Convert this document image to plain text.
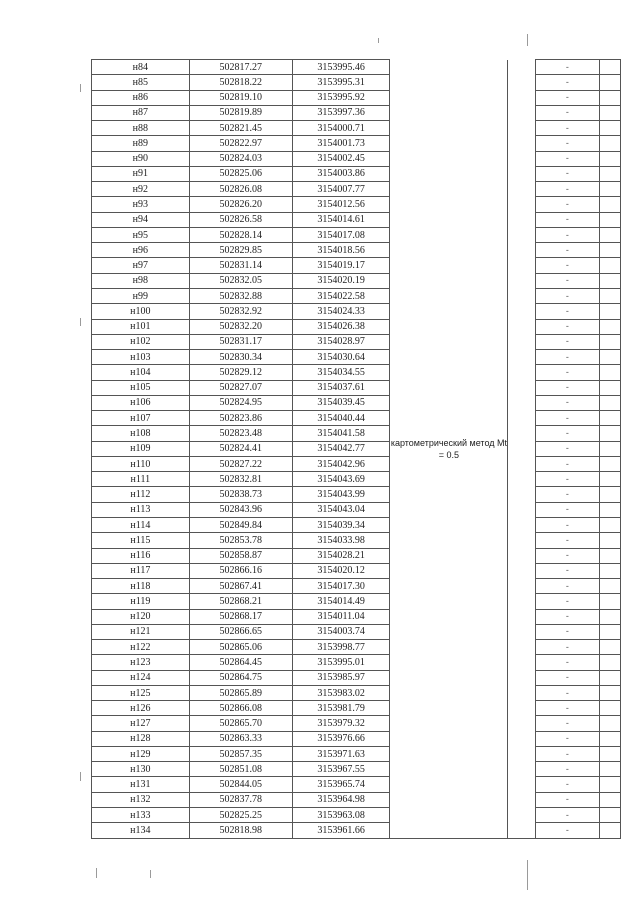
н84	502817.27	3153995.46	картометрический метод Mt = 0.5		-	
н85	502818.22	3153995.31			-	
н86	502819.10	3153995.92			-	
н87	502819.89	3153997.36			-	
н88	502821.45	3154000.71			-	
н89	502822.97	3154001.73			-	
н90	502824.03	3154002.45			-	
н91	502825.06	3154003.86			-	
н92	502826.08	3154007.77			-	
н93	502826.20	3154012.56			-	
н94	502826.58	3154014.61			-	
н95	502828.14	3154017.08			-	
н96	502829.85	3154018.56			-	
н97	502831.14	3154019.17			-	
н98	502832.05	3154020.19			-	
н99	502832.88	3154022.58			-	
н100	502832.92	3154024.33			-	
н101	502832.20	3154026.38			-	
н102	502831.17	3154028.97			-	
н103	502830.34	3154030.64			-	
н104	502829.12	3154034.55			-	
н105	502827.07	3154037.61			-	
н106	502824.95	3154039.45			-	
н107	502823.86	3154040.44			-	
н108	502823.48	3154041.58			-	
н109	502824.41	3154042.77			-	
н110	502827.22	3154042.96			-	
н111	502832.81	3154043.69			-	
н112	502838.73	3154043.99			-	
н113	502843.96	3154043.04			-	
н114	502849.84	3154039.34			-	
н115	502853.78	3154033.98			-	
н116	502858.87	3154028.21			-	
н117	502866.16	3154020.12			-	
н118	502867.41	3154017.30			-	
н119	502868.21	3154014.49			-	
н120	502868.17	3154011.04			-	
н121	502866.65	3154003.74			-	
н122	502865.06	3153998.77			-	
н123	502864.45	3153995.01			-	
н124	502864.75	3153985.97			-	
н125	502865.89	3153983.02			-	
н126	502866.08	3153981.79			-	
н127	502865.70	3153979.32			-	
н128	502863.33	3153976.66			-	
н129	502857.35	3153971.63			-	
н130	502851.08	3153967.55			-	
н131	502844.05	3153965.74			-	
н132	502837.78	3153964.98			-	
н133	502825.25	3153963.08			-	
н134	502818.98	3153961.66			-	
